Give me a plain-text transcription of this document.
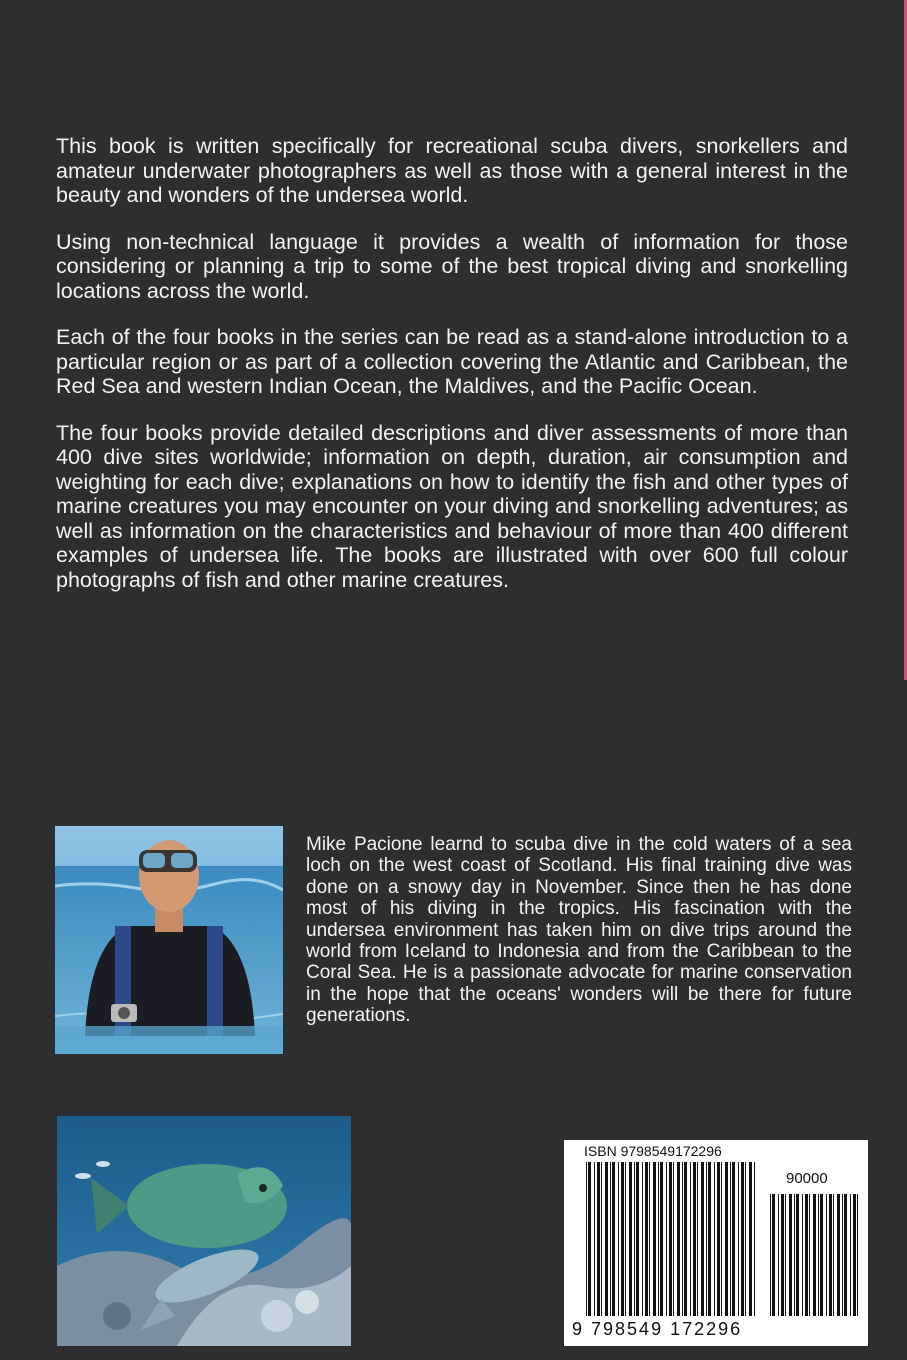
This book is written specifically for recreational scuba divers, snorkellers and amateur underwater photographers as well as those with a general interest in the beauty and wonders of the undersea world.

Using non-technical language it provides a wealth of information for those considering or planning a trip to some of the best tropical diving and snorkelling locations across the world.

Each of the four books in the series can be read as a stand-alone introduction to a particular region or as part of a collection covering the Atlantic and Caribbean, the Red Sea and western Indian Ocean, the Maldives, and the Pacific Ocean.

The four books provide detailed descriptions and diver assessments of more than 400 dive sites worldwide; information on depth, duration, air consumption and weighting for each dive; explanations on how to identify the fish and other types of marine creatures you may encounter on your diving and snorkelling adventures; as well as information on the characteristics and behaviour of more than 400 different examples of undersea life. The books are illustrated with over 600 full colour photographs of fish and other marine creatures.

Mike Pacione learnd to scuba dive in the cold waters of a sea loch on the west coast of Scotland. His final training dive was done on a snowy day in November. Since then he has done most of his diving in the tropics. His fascination with the undersea environment has taken him on dive trips around the world from Iceland to Indonesia and from the Caribbean to the Coral Sea. He is a passionate advocate for marine conservation in the hope that the oceans' wonders will be there for future generations.
ISBN 9798549172296
90000
9 798549 172296
